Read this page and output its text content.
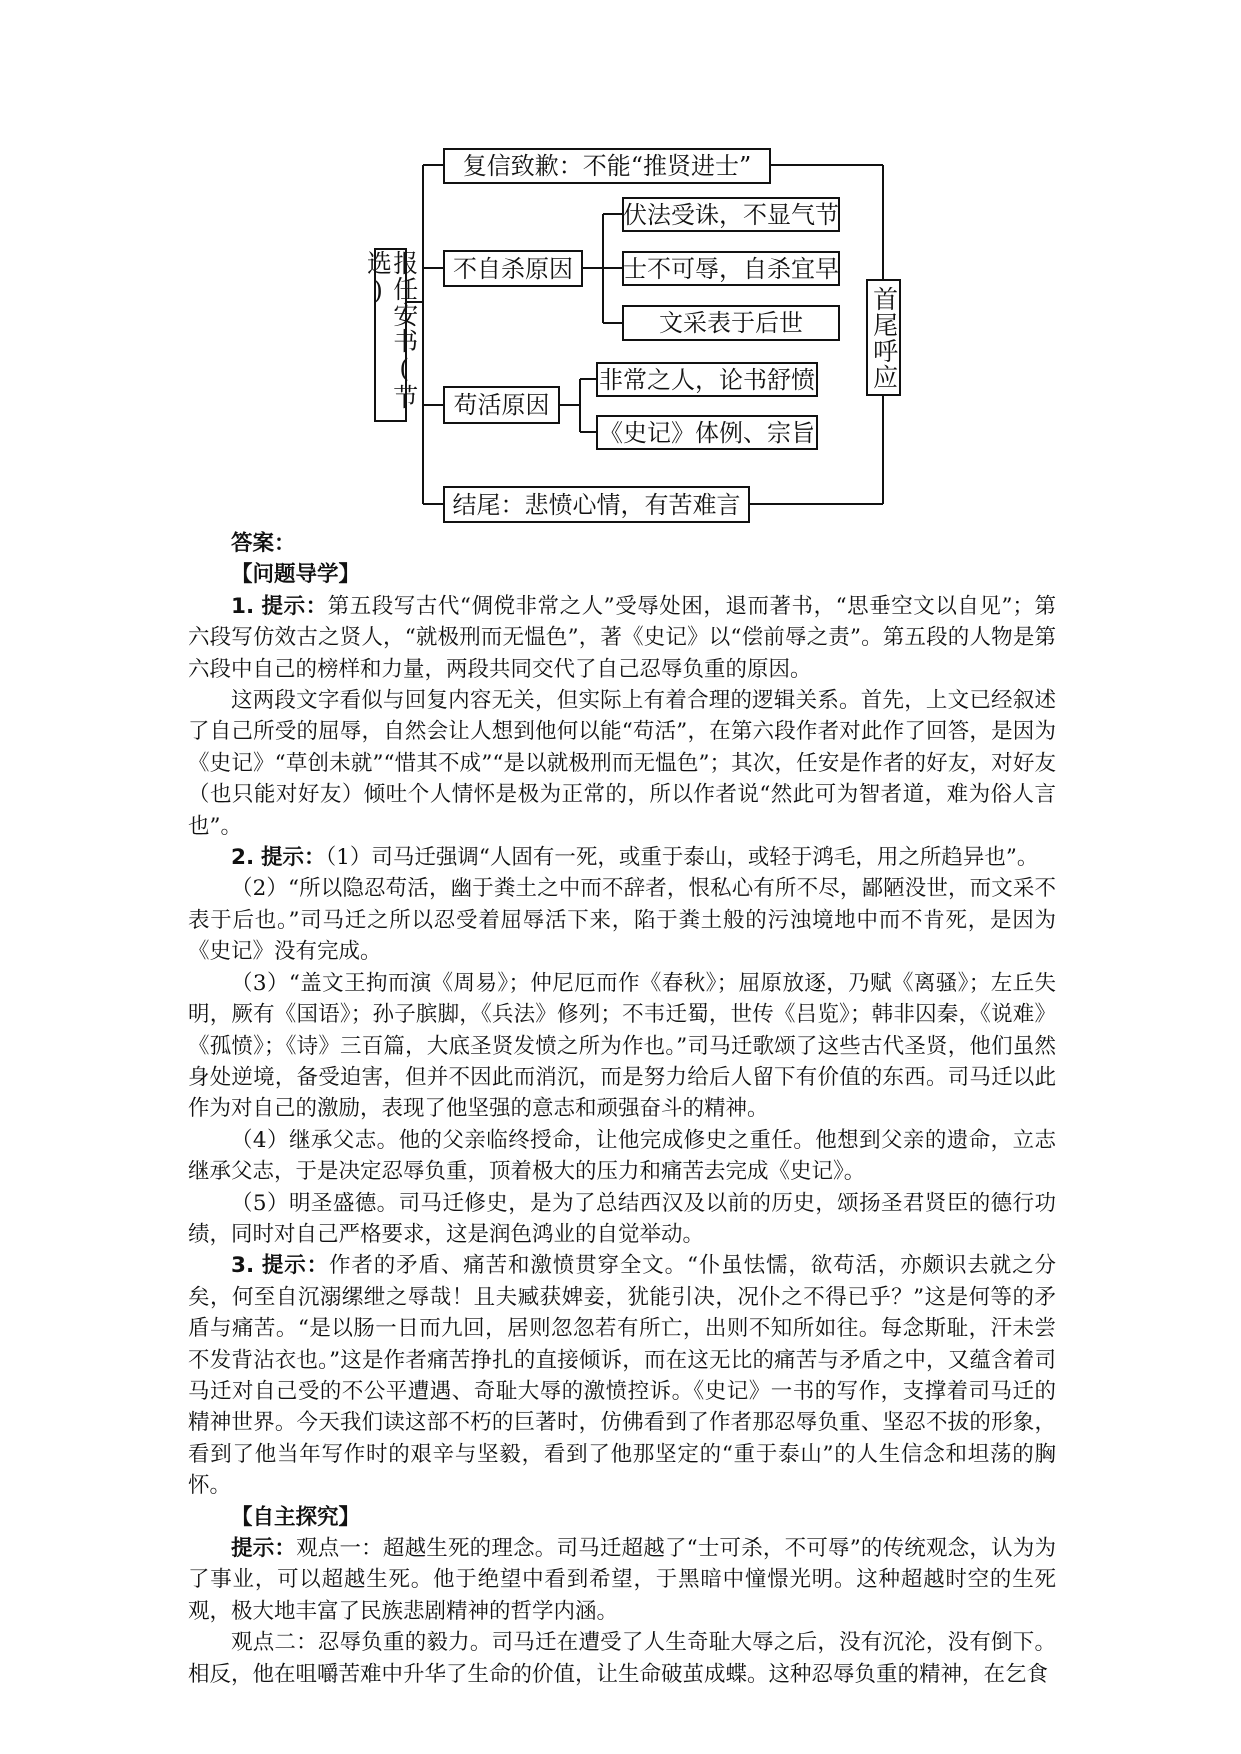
报任安书(节选)
复信致歉：不能“推贤进士”
不自杀原因
伏法受诛，不显气节
士不可辱，自杀宜早
文采表于后世
苟活原因
非常之人，论书舒愤
《史记》体例、宗旨
结尾：悲愤心情，有苦难言
首尾呼应

答案：

【问题导学】

1. 提示：第五段写古代“倜傥非常之人”受辱处困，退而著书，“思垂空文以自见”；第六段写仿效古之贤人，“就极刑而无愠色”，著《史记》以“偿前辱之责”。第五段的人物是第六段中自己的榜样和力量，两段共同交代了自己忍辱负重的原因。

这两段文字看似与回复内容无关，但实际上有着合理的逻辑关系。首先，上文已经叙述了自己所受的屈辱，自然会让人想到他何以能“苟活”，在第六段作者对此作了回答，是因为《史记》“草创未就”“惜其不成”“是以就极刑而无愠色”；其次，任安是作者的好友，对好友（也只能对好友）倾吐个人情怀是极为正常的，所以作者说“然此可为智者道，难为俗人言也”。

2. 提示：（1）司马迁强调“人固有一死，或重于泰山，或轻于鸿毛，用之所趋异也”。

（2）“所以隐忍苟活，幽于粪土之中而不辞者，恨私心有所不尽，鄙陋没世，而文采不表于后也。”司马迁之所以忍受着屈辱活下来，陷于粪土般的污浊境地中而不肯死，是因为《史记》没有完成。

（3）“盖文王拘而演《周易》；仲尼厄而作《春秋》；屈原放逐，乃赋《离骚》；左丘失明，厥有《国语》；孙子膑脚，《兵法》修列；不韦迁蜀，世传《吕览》；韩非囚秦，《说难》《孤愤》；《诗》三百篇，大底圣贤发愤之所为作也。”司马迁歌颂了这些古代圣贤，他们虽然身处逆境，备受迫害，但并不因此而消沉，而是努力给后人留下有价值的东西。司马迁以此作为对自己的激励，表现了他坚强的意志和顽强奋斗的精神。

（4）继承父志。他的父亲临终授命，让他完成修史之重任。他想到父亲的遗命，立志继承父志，于是决定忍辱负重，顶着极大的压力和痛苦去完成《史记》。

（5）明圣盛德。司马迁修史，是为了总结西汉及以前的历史，颂扬圣君贤臣的德行功绩，同时对自己严格要求，这是润色鸿业的自觉举动。

3. 提示：作者的矛盾、痛苦和激愤贯穿全文。“仆虽怯懦，欲苟活，亦颇识去就之分矣，何至自沉溺缧绁之辱哉！且夫臧获婢妾，犹能引决，况仆之不得已乎？”这是何等的矛盾与痛苦。“是以肠一日而九回，居则忽忽若有所亡，出则不知所如往。每念斯耻，汗未尝不发背沾衣也。”这是作者痛苦挣扎的直接倾诉，而在这无比的痛苦与矛盾之中，又蕴含着司马迁对自己受的不公平遭遇、奇耻大辱的激愤控诉。《史记》一书的写作，支撑着司马迁的精神世界。今天我们读这部不朽的巨著时，仿佛看到了作者那忍辱负重、坚忍不拔的形象，看到了他当年写作时的艰辛与坚毅，看到了他那坚定的“重于泰山”的人生信念和坦荡的胸怀。

【自主探究】

提示：观点一：超越生死的理念。司马迁超越了“士可杀，不可辱”的传统观念，认为为了事业，可以超越生死。他于绝望中看到希望，于黑暗中憧憬光明。这种超越时空的生死观，极大地丰富了民族悲剧精神的哲学内涵。

观点二：忍辱负重的毅力。司马迁在遭受了人生奇耻大辱之后，没有沉沦，没有倒下。相反，他在咀嚼苦难中升华了生命的价值，让生命破茧成蝶。这种忍辱负重的精神，在乞食
